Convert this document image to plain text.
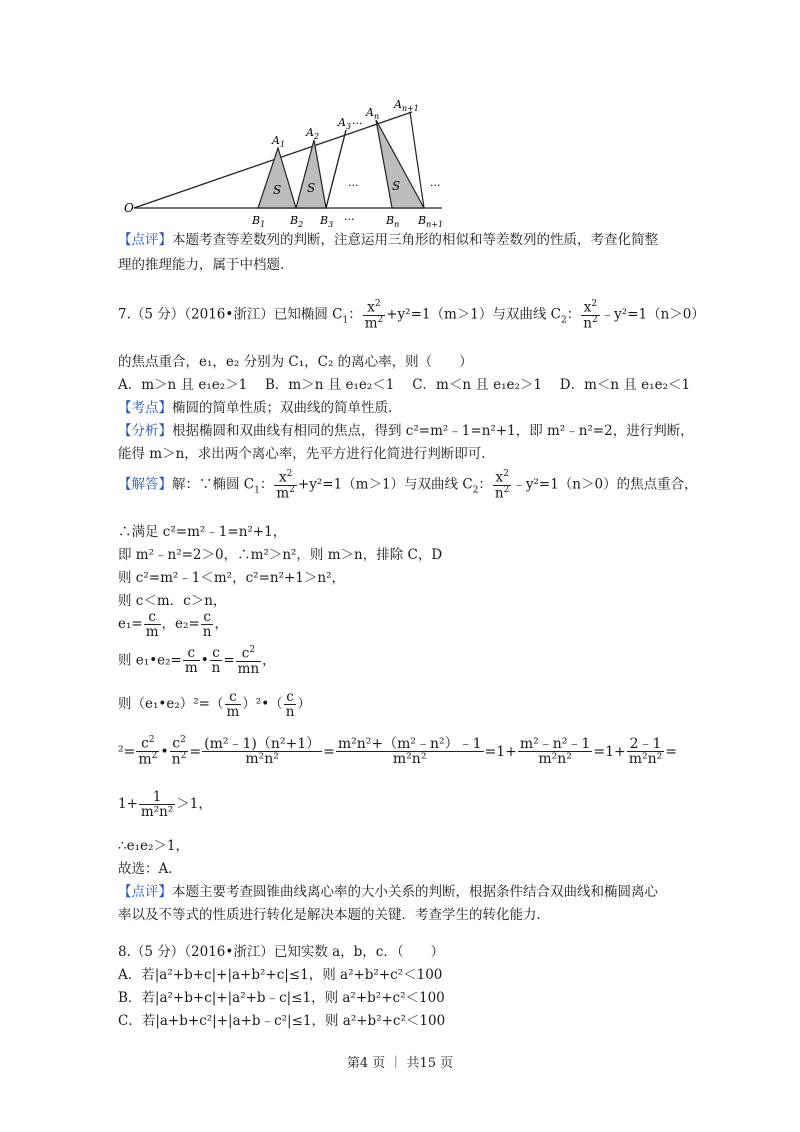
O
$A_1$
$A_2$
$A_3$
$A_n$
$A_{n+1}$
$B_1$ $B_2$ $B_3$	$B_n$ $B_{n+1}$
S S	S
...	...
...
...
【点评】本题考查等差数列的判断，注意运用三角形的相似和等差数列的性质，考查化简整
理的推理能力，属于中档题.
7.（5 分）（2016•浙江）已知椭圆 $C_1$： $\frac{x^2}{m^2} +y^2=1(m>1)$与双曲线 $C_2$： $\frac{x^2}{n^2}$ ﹣y²=1（n＞0）
的焦点重合，e₁，e₂ 分别为 C₁，C₂ 的离心率，则（　　）
A．m＞n 且 e₁e₂＞1　 B．m＞n 且 e₁e₂＜1　 C．m＜n 且 e₁e₂＞1　 D．m＜n 且 e₁e₂＜1
【考点】椭圆的简单性质；双曲线的简单性质.
【分析】根据椭圆和双曲线有相同的焦点，得到 c²=m²﹣1=n²+1，即 m²﹣n²=2，进行判断，
能得 m＞n，求出两个离心率，先平方进行化简进行判断即可.
【解答】解：∵椭圆 $C_1$： $\frac{x^2}{m^2} +y^2=1(m>1)$与双曲线 $C_2$： $\frac{x^2}{n^2}$ ﹣y²=1（n＞0）的焦点重合，
∴满足 c²=m²﹣1=n²+1，
即 m²﹣n²=2＞0，∴m²＞n²，则 m＞n，排除 C，D
则 c²=m²﹣1＜m²，c²=n²+1＞n²，
则 c＜m．c＞n，
$e_1= \frac{c}{m}$ ，$e_2= \frac{c}{n}$ ，
则 e₁•e₂= $\frac{c}{m}$ • $\frac{c}{n} = \frac{c^2}{mn}$ ，
则（e₁•e₂）²=（ $\frac{c}{m}$ ）²•（ $\frac{c}{n}$ ）
$^2= \frac{c^2}{m^2}$ • $\frac{c^2}{n^2} = \frac{\text{(m²﹣1)（n²+1）}}{\text{m²n²}} = \frac{\text{m²n²+（m²﹣n²）﹣1}}{\text{m²n²}} =1+ \frac{\text{m²﹣n²﹣1}}{\text{m²n²}} =1+ \frac{2﹣1}{\text{m²n²}}$ =
$1+ \frac{1}{\text{m²n²}} >1$，
∴e₁e₂＞1，
故选：A．
【点评】本题主要考查圆锥曲线离心率的大小关系的判断，根据条件结合双曲线和椭圆离心
率以及不等式的性质进行转化是解决本题的关键．考查学生的转化能力．
8.（5 分）（2016•浙江）已知实数 a，b，c．（　　）
A．若|a²+b+c|+|a+b²+c|≤1，则 a²+b²+c²＜100
B．若|a²+b+c|+|a²+b﹣c|≤1，则 a²+b²+c²＜100
C．若|a+b+c²|+|a+b﹣c²|≤1，则 a²+b²+c²＜100
第4 页 ｜ 共15 页
